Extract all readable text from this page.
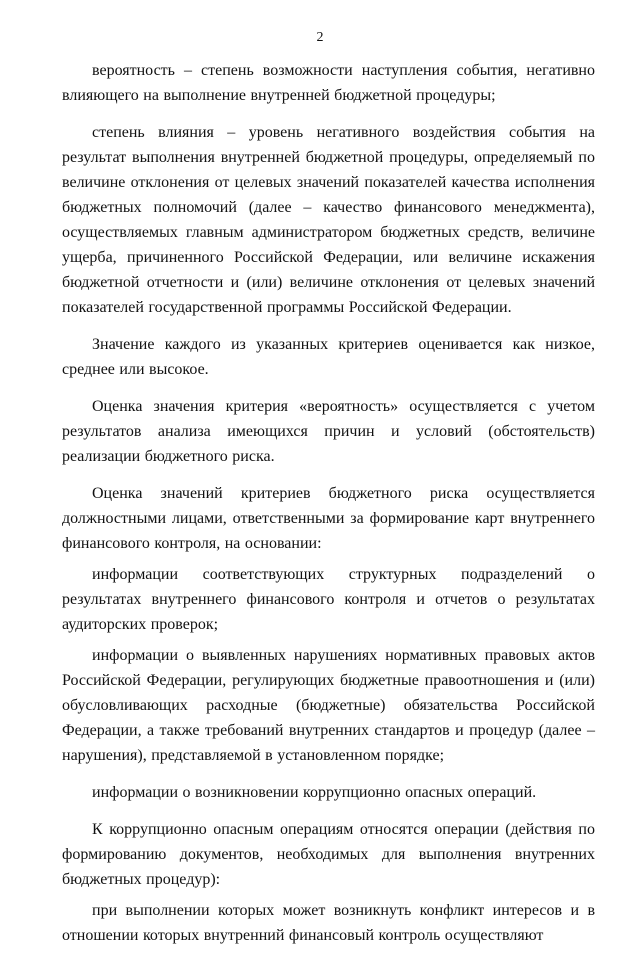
2

вероятность – степень возможности наступления события, негативно влияющего на выполнение внутренней бюджетной процедуры;

степень влияния – уровень негативного воздействия события на результат выполнения внутренней бюджетной процедуры, определяемый по величине отклонения от целевых значений показателей качества исполнения бюджетных полномочий (далее – качество финансового менеджмента), осуществляемых главным администратором бюджетных средств, величине ущерба, причиненного Российской Федерации, или величине искажения бюджетной отчетности и (или) величине отклонения от целевых значений показателей государственной программы Российской Федерации.

Значение каждого из указанных критериев оценивается как низкое, среднее или высокое.

Оценка значения критерия «вероятность» осуществляется с учетом результатов анализа имеющихся причин и условий (обстоятельств) реализации бюджетного риска.

Оценка значений критериев бюджетного риска осуществляется должностными лицами, ответственными за формирование карт внутреннего финансового контроля, на основании:

информации соответствующих структурных подразделений о результатах внутреннего финансового контроля и отчетов о результатах аудиторских проверок;

информации о выявленных нарушениях нормативных правовых актов Российской Федерации, регулирующих бюджетные правоотношения и (или) обусловливающих расходные (бюджетные) обязательства Российской Федерации, а также требований внутренних стандартов и процедур (далее – нарушения), представляемой в установленном порядке;

информации о возникновении коррупционно опасных операций.

К коррупционно опасным операциям относятся операции (действия по формированию документов, необходимых для выполнения внутренних бюджетных процедур):

при выполнении которых может возникнуть конфликт интересов и в отношении которых внутренний финансовый контроль осуществляют
